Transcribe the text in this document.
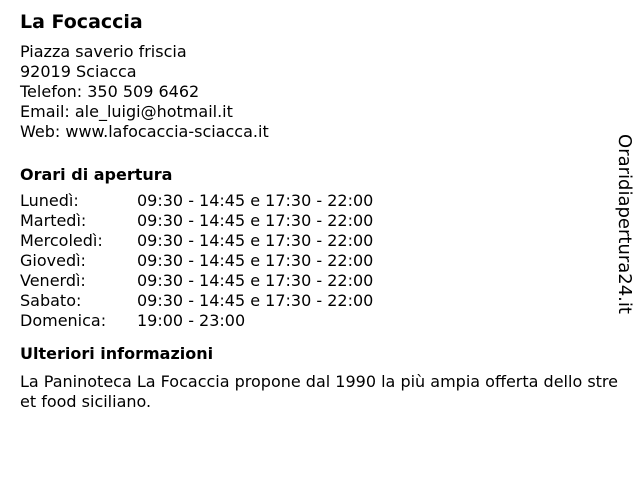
La Focaccia
Piazza saverio friscia
92019 Sciacca
Telefon: 350 509 6462
Email: ale_luigi@hotmail.it
Web: www.lafocaccia-sciacca.it
Orari di apertura
Lunedì:	09:30 - 14:45 e 17:30 - 22:00
Martedì:	09:30 - 14:45 e 17:30 - 22:00
Mercoledì:	09:30 - 14:45 e 17:30 - 22:00
Giovedì:	09:30 - 14:45 e 17:30 - 22:00
Venerdì:	09:30 - 14:45 e 17:30 - 22:00
Sabato:	09:30 - 14:45 e 17:30 - 22:00
Domenica:	19:00 - 23:00
Ulteriori informazioni
La Paninoteca La Focaccia propone dal 1990 la più ampia offerta dello street food siciliano.
Oraridiapertura24.it
